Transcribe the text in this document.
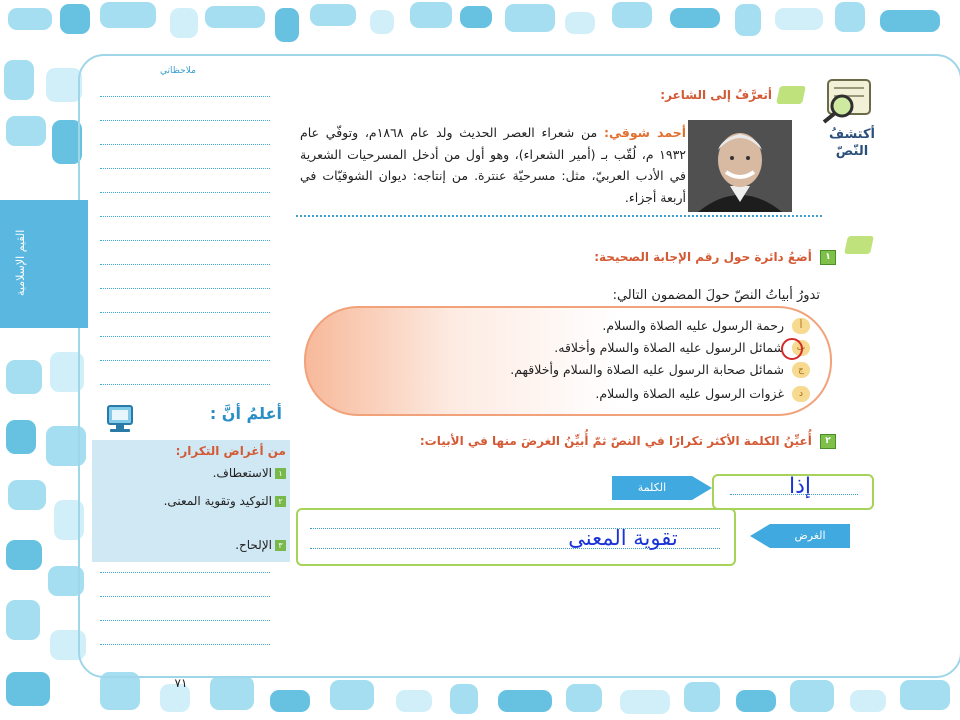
١
القيم الإسلامية
ملاحظاتي
أعلمُ أنَّ :
من أغراض التكرار:
١الاستعطاف.
٢التوكيد وتقوية المعنى.
٣الإلحاح.
أكتشفُ النّصّ
أتعرَّفُ إلى الشاعر:
أحمد شوقي: من شعراء العصر الحديث ولد عام ١٨٦٨م، وتوفّي عام ١٩٣٢ م، لُقّب بـ (أمير الشعراء)، وهو أول من أدخل المسرحيات الشعرية في الأدب العربيّ، مثل: مسرحيّة عنترة. من إنتاجه: ديوان الشوقيّات في أربعة أجزاء.
١ أضعُ دائرة حول رقم الإجابة الصحيحة:
تدورُ أبياتُ النصّ حولَ المضمون التالي:
أ
رحمة الرسول عليه الصلاة والسلام.
ب
شمائل الرسول عليه الصلاة والسلام وأخلاقه.
ج
شمائل صحابة الرسول عليه الصلاة والسلام وأخلاقهم.
د
غزوات الرسول عليه الصلاة والسلام.
٢ أُعيِّنُ الكلمة الأكثر تكرارًا في النصّ ثمّ أُبيِّنُ الغرضَ منها في الأبيات:
إذا
الكلمة
تقوية المعنى	الغرض
٧١
